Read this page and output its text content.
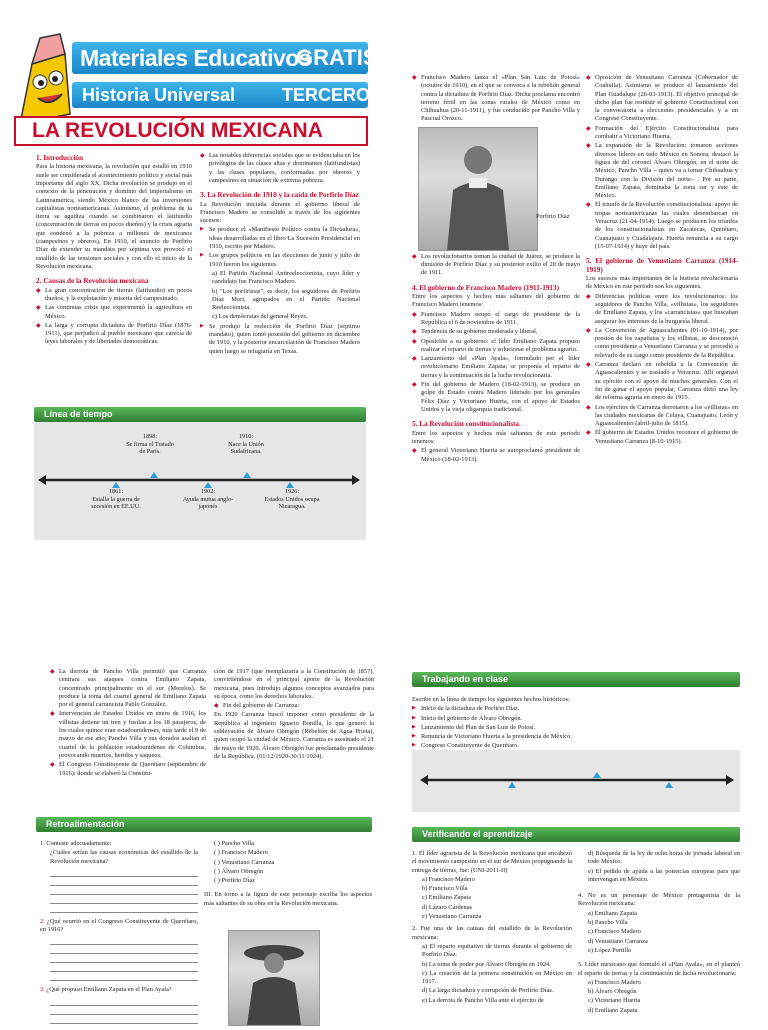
Materiales Educativos
GRATIS
Historia Universal	TERCERO
LA REVOLUCIÓN MEXICANA
1. Introducción

Para la historia mexicana, la revolución que estalló en 1910 suele ser considerada el acontecimiento político y social más importante del siglo XX. Dicha revolución se produjo en el contexto de la penetración y dominio del imperialismo en Latinoamérica, siendo México blanco de las inversiones capitalistas norteamericanas. Asimismo, el problema de la tierra se agudiza cuando se combinaron el latifundio (concentración de tierras en pocos dueños) y la crisis agraria que condenó a la pobreza a millones de mexicanos (campesinos y obreros). En 1910, el anuncio de Porfirio Díaz de extender su mandato por séptima vez provocó el estallido de las tensiones sociales y con ello el inicio de la Revolución mexicana.

2. Causas de la Revolución mexicana
◆ La gran concentración de tierras (latifundio) en pocos dueños, y la explotación y miseria del campesinado.
◆ Las continuas crisis que experimentó la agricultura en México.
◆ La larga y corrupta dictadura de Porfirio Díaz (1876-1911), que perjudicó al pueblo mexicano que carecía de leyes laborales y de libertades democráticas.
◆ Las notables diferencias sociales que se evidenciaba en los privilegios de las clases altas y dominantes (latifundistas) y las clases populares, conformadas por obreros y campesinos en situación de extrema pobreza.
3. La Revolución de 1910 y la caída de Porfirio Díaz

La Revolución iniciada durante el gobierno liberal de Francisco Madero se consolidó a través de los siguientes sucesos:

▶ Se produce el «Manifiesto Político contra la Dictadura», ideas desarrolladas en el libro La Sucesión Presidencial en 1910, escrito por Madero.
▶ Los grupos políticos en las elecciones de junio y julio de 1910 fueron los siguientes.

a) El Partido Nacional Antireeleccionista, cuyo líder y candidato fue Francisco Madero.

b) "Los porfiristas", es decir, los seguidores de Porfirio Díaz Mori, agrupados en el Partido Nacional Reeleccionista.

c) Los demócratas del general Reyes.

▶ Se produjo la reelección de Porfirio Díaz (séptimo mandato), quien tomó posesión del gobierno en diciembre de 1910, y la posterior encarcelación de Francisco Madero quien luego se refugiaría en Texas.
◆ Francisco Madero lanza el «Plan San Luis de Potosí» (octubre de 1910), en el que se convoca a la rebelión general contra la dictadura de Porfirio Díaz. Dicha proclama encontró terreno fértil en las zonas rurales de México como en Chihuahua (20-11-1911), y fue conducido por Pancho Villa y Pascual Orozco.
Porfirio Díaz
◆ Los revolucionarios toman la ciudad de Juárez, se produce la dimisión de Porfirio Díaz y su posterior exilio el 20 de mayo de 1911.
4. El gobierno de Francisco Madero (1911-1913)

Entre los aspectos y hechos más saltantes del gobierno de Francisco Madero tenemos:

◆ Francisco Madero ocupó el cargo de presidente de la República el 6 de noviembre de 1911.
◆ Tendencia de su gobierno moderada y liberal.
◆ Oposición a su gobierno: el líder Emiliano Zapata propuso realizar el reparto de tierras y solucionar el problema agrario.
◆ Lanzamiento del «Plan Ayala», formulado por el líder revolucionario Emiliano Zapata; se proponía el reparto de tierras y la continuación de la lucha revolucionaria.
◆ Fin del gobierno de Madero (18-02-1913), se produce un golpe de Estado contra Madero liderado por los generales Félix Díaz y Victoriano Huerta, con el apoyo de Estados Unidos y la vieja oligarquía tradicional.
5. La Revolución constitucionalista.

Entre los aspectos y hechos más saltantes de este periodo tenemos:

◆ El general Victoriano Huerta se autoproclamó presidente de México (18-02-1913).
◆ Oposición de Venustiano Carranza (Cobernador de Coahuila). Asimismo se produce el lanzamiento del Plan Guadalupe (26-03-1913). El objetivo principal de dicho plan fue restituir el gobierno Constitucional con la convocatoria a elecciones presidenciales y a un Congreso Constituyente.
◆ Formación del Ejército Constitucionalista para combatir a Victoriano Huerta.
◆ La expansión de la Revolución: tomaron acciones diversos líderes en todo México en Sonora, destacó la figura de del coronel Álvaro Obregón, en el norte de México, Pancho Villa – quien va a tomar Chihuahua y Durango con la División del norte– . Por su parte, Emiliano Zapata, dominaba la zona sur y este de México.
◆ El triunfo de la Revolución constitucionalista: apoyo de tropas norteamericanas las cuales desembarcan en Veracruz (21-04-1914). Luego se producen los triunfos de los constitucionalistas en Zacatecas, Querétaro, Cuanajuato y Cuadalajara. Huerta renuncia a su cargo (15-07-1914) y huye del país.
5. El gobierno de Venustiano Carranza (1914-1919)

Los sucesos más importantes de la historia revolucionaria de México en este periodo son los siguientes.

◆ Diferencias políticas entre los revolucionarios: los seguidores de Pancho Villa, «villistas», los seguidores de Emiliano Zapata, y los «carrancistas» que buscaban asegurar los intereses de la burguesía liberal.
◆ La Convención de Aguascalientes (01-10-1914), por presión de los zapatistas y los villistas, se desconoció como presidente a Venustiano Carranza y se procedió a relevarlo de su cargo como presidente de la República.
◆ Carranza declaró en rebeldía a la Convención de Aguascalientes y se trasladó a Veracruz. Allí organizó su ejército con el apoyo de muchos generales. Con el fin de ganar el apoyo popular, Carranza dictó una ley de reforma agraria en enero de 1915.
◆ Los ejércitos de Carranza derrotaron a los «villistas» en las ciudades mexicanas de Celaya, Cuanajuato, León y Aguascalientes (abril-julio de 1815).
◆ El gobierno de Estados Unidos reconoce el gobierno de Venustiano Carranza (8-10-1915).
Línea de tiempo
1898:
Se firma el Tratado de París.
1910:
Nace la Unión Sudafricana.
1861:
Estalla la guerra de secesión en EE.UU.
1902:
Ayuda mutua anglo-japonés
1926:
Estados Unidos ocupa Nicaragua.
◆ La derrota de Pancho Villa permitió que Carranza centrara sus ataques contra Emiliano Zapata, concentrado principalmente en el sur (Morelos). Se produce la toma del cuartel general de Emiliano Zapata por el general carrancista Pablo González.
◆ Intervención de Estados Unidos en enero de 1916, los villistas detiene un tren y fusilan a los 18 pasajeros, de los cuales quince eran estadounidenses, más tarde el 9 de marzo de ese año, Pancho Villa y sus dorados asaltan el cuartel de la población estadounidense de Columbus, provocando muertos, heridos y saqueos.
◆ El Congreso Constituyente de Querétaro (septiembre de 1916): donde se elaboró la Constitu-

ción de 1917 (que reemplazaría a la Constitución de 1857), convirtiéndose en el principal aporte de la Revolución mexicana, pues introdujo algunos conceptos avanzados para su época, como los derechos laborales.

◆ Fin del gobierno de Carranza:

En 1920 Carranza buscó imponer como presidente de la República al ingeniero Ignacio Bonilla, lo que generó la sublevación de Álvaro Obregón (Rebelión de Agua Prieta), quien ocupó la ciudad de México. Carranza es asesinado el 21 de mayo de 1920. Álvaro Obregón fue proclamado presidente de la República. (01/12/1920-30/11/1924).

Trabajando en clase

Escribe en la línea de tiempo los siguientes hechos históricos:

▶ Inicio de la dictadura de Porfirio Díaz.
▶ Inicio del gobierno de Álvaro Obregón.
▶ Lanzamiento del Plan de San Luis de Potosí.
▶ Renuncia de Victoriano Huerta a la presidencia de México.
▶ Congreso Constituyente de Querétaro.
Retroalimentación

1. Conteste adecuadamente:

¿Cuáles serían las causas económicas del estallido de la Revolución mexicana?

2. ¿Qué ocurrió en el Congreso Constituyente de Querétaro, en 1916?

3. ¿Qué propuso Emiliano Zapata en el Plan Ayala?

( ) Pancho Villa

( ) Francisco Madero

( ) Venustiano Carranza

( ) Álvaro Obregón

( ) Porfirio Díaz

III. En torno a la figura de este personaje escriba los aspectos más saltantes de su obra en la Revolución mexicana.

Verificando el aprendizaje

1. El líder agrarista de la Revolución mexicana que encabezó el movimiento campesino en el sur de México propugnando la entrega de tierras, fue: (UNI-2011-II)

a) Francisco Madero

b) Francisco Villa

c) Emiliano Zapata

d) Lázaro Cárdenas

e) Venustiano Carranza

2. Fue una de las causas del estallido de la Revolución mexicana:

a) El reparto equitativo de tierras durante el gobierno de Porfirio Díaz.

b) La toma de poder por Álvaro Obregón en 1924.

c) La creación de la primera constitución en México en 1917.

d) La larga dictadura y corrupción de Porfirio Díaz.

e) La derrota de Pancho Villa ante el ejército de

d) Búsqueda de la ley de ocho horas de jornada laboral en todo México.

e) El pedido de ayuda a las potencias europeas para que intervengan en México.

4. No es un personaje de México protagonista de la Revolución mexicana:

a) Emiliano Zapata

b) Pancho Villa

c) Francisco Madero

d) Venustiano Carranza

e) López Portillo

5. Líder mexicano que formuló el «Plan Ayala», en el planteó el reparto de tierras y la continuación de lucha revolucionaria:

a) Francisco Madero

b) Álvaro Obregón

c) Victoriano Huerta

d) Emiliano Zapata
